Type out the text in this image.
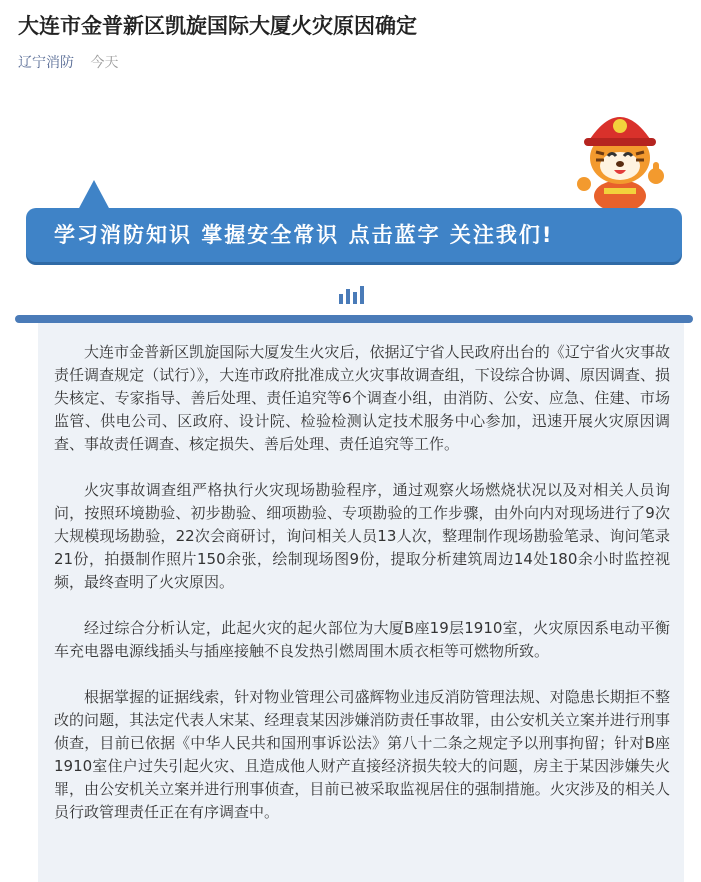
大连市金普新区凯旋国际大厦火灾原因确定
辽宁消防 今天
学习消防知识 掌握安全常识 点击蓝字 关注我们!

大连市金普新区凯旋国际大厦发生火灾后，依据辽宁省人民政府出台的《辽宁省火灾事故责任调查规定（试行）》，大连市政府批准成立火灾事故调查组，下设综合协调、原因调查、损失核定、专家指导、善后处理、责任追究等6个调查小组，由消防、公安、应急、住建、市场监管、供电公司、区政府、设计院、检验检测认定技术服务中心参加，迅速开展火灾原因调查、事故责任调查、核定损失、善后处理、责任追究等工作。

火灾事故调查组严格执行火灾现场勘验程序，通过观察火场燃烧状况以及对相关人员询问，按照环境勘验、初步勘验、细项勘验、专项勘验的工作步骤，由外向内对现场进行了9次大规模现场勘验，22次会商研讨，询问相关人员13人次，整理制作现场勘验笔录、询问笔录21份，拍摄制作照片150余张，绘制现场图9份，提取分析建筑周边14处180余小时监控视频，最终查明了火灾原因。

经过综合分析认定，此起火灾的起火部位为大厦B座19层1910室，火灾原因系电动平衡车充电器电源线插头与插座接触不良发热引燃周围木质衣柜等可燃物所致。

根据掌握的证据线索，针对物业管理公司盛辉物业违反消防管理法规、对隐患长期拒不整改的问题，其法定代表人宋某、经理袁某因涉嫌消防责任事故罪，由公安机关立案并进行刑事侦查，目前已依据《中华人民共和国刑事诉讼法》第八十二条之规定予以刑事拘留；针对B座1910室住户过失引起火灾、且造成他人财产直接经济损失较大的问题，房主于某因涉嫌失火罪，由公安机关立案并进行刑事侦查，目前已被采取监视居住的强制措施。火灾涉及的相关人员行政管理责任正在有序调查中。
